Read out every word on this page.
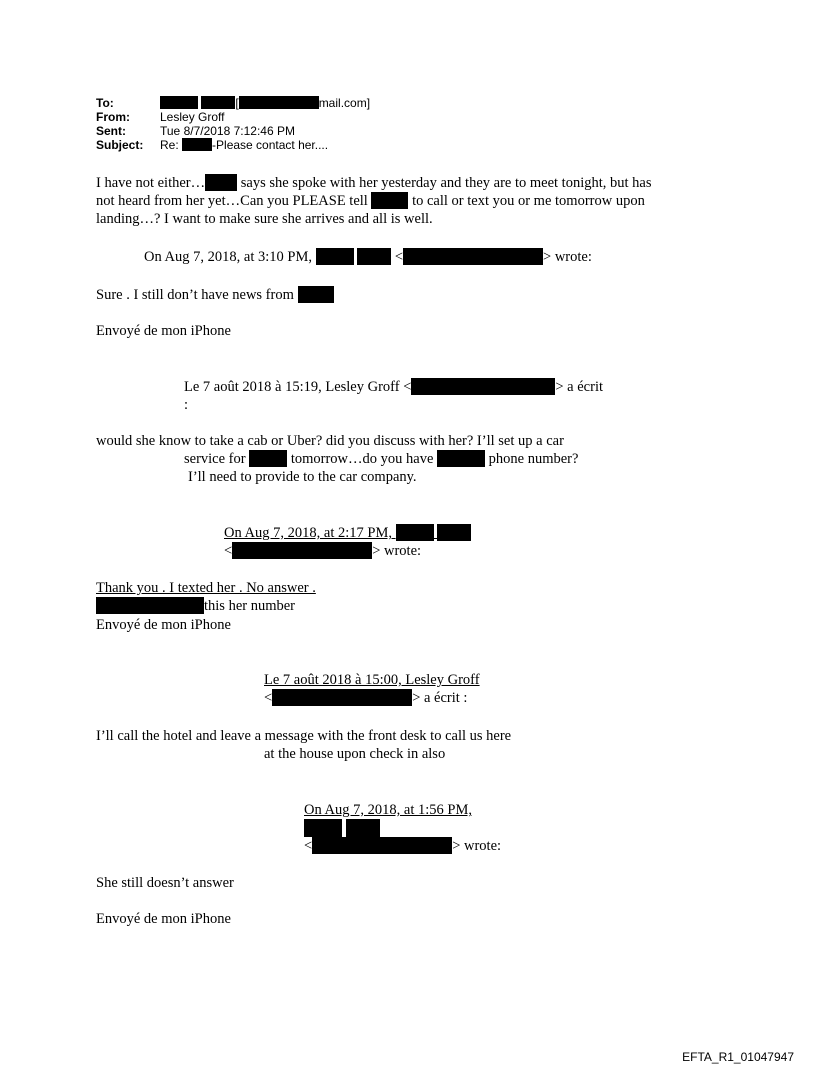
To:	[	mail.com]
From:	Lesley Groff
Sent:	Tue 8/7/2018 7:12:46 PM
Subject: Re:	-Please contact her....
I have not either… says she spoke with her yesterday and they are to meet tonight, but has
not heard from her yet…Can you PLEASE tell	to call or text you or me tomorrow upon
landing…? I want to make sure she arrives and all is well.
On Aug 7, 2018, at 3:10 PM,	<	> wrote:
Sure . I still don’t have news from
Envoyé de mon iPhone
Le 7 août 2018 à 15:19, Lesley Groff <	> a écrit
:
would she know to take a cab or Uber? did you discuss with her? I’ll set up a car
service for	tomorrow…do you have	phone number?
I’ll need to provide to the car company.
On Aug 7, 2018, at 2:17 PM,
<	> wrote:
Thank you . I texted her . No answer .
this her number
Envoyé de mon iPhone
Le 7 août 2018 à 15:00, Lesley Groff
<	> a écrit :
I’ll call the hotel and leave a message with the front desk to call us here
at the house upon check in also
On Aug 7, 2018, at 1:56 PM,
<	> wrote:
She still doesn’t answer
Envoyé de mon iPhone
EFTA_R1_01047947
